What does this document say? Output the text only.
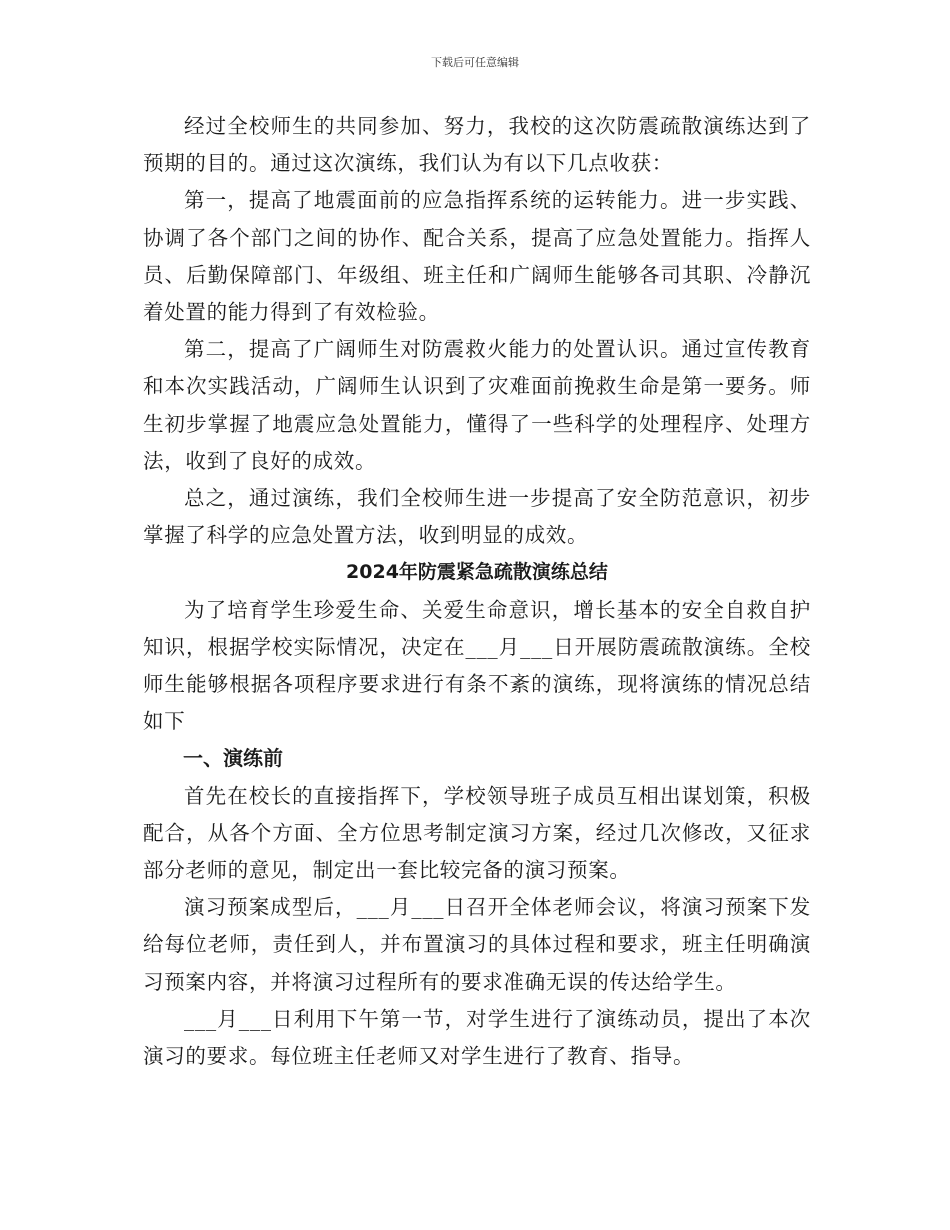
下载后可任意编辑

经过全校师生的共同参加、努力，我校的这次防震疏散演练达到了预期的目的。通过这次演练，我们认为有以下几点收获：

第一，提高了地震面前的应急指挥系统的运转能力。进一步实践、协调了各个部门之间的协作、配合关系，提高了应急处置能力。指挥人员、后勤保障部门、年级组、班主任和广阔师生能够各司其职、冷静沉着处置的能力得到了有效检验。

第二，提高了广阔师生对防震救火能力的处置认识。通过宣传教育和本次实践活动，广阔师生认识到了灾难面前挽救生命是第一要务。师生初步掌握了地震应急处置能力，懂得了一些科学的处理程序、处理方法，收到了良好的成效。

总之，通过演练，我们全校师生进一步提高了安全防范意识，初步掌握了科学的应急处置方法，收到明显的成效。

2024年防震紧急疏散演练总结

为了培育学生珍爱生命、关爱生命意识，增长基本的安全自救自护知识，根据学校实际情况，决定在___月___日开展防震疏散演练。全校师生能够根据各项程序要求进行有条不紊的演练，现将演练的情况总结如下

一、演练前

首先在校长的直接指挥下，学校领导班子成员互相出谋划策，积极配合，从各个方面、全方位思考制定演习方案，经过几次修改，又征求部分老师的意见，制定出一套比较完备的演习预案。

演习预案成型后，___月___日召开全体老师会议，将演习预案下发给每位老师，责任到人，并布置演习的具体过程和要求，班主任明确演习预案内容，并将演习过程所有的要求准确无误的传达给学生。

___月___日利用下午第一节，对学生进行了演练动员，提出了本次演习的要求。每位班主任老师又对学生进行了教育、指导。
